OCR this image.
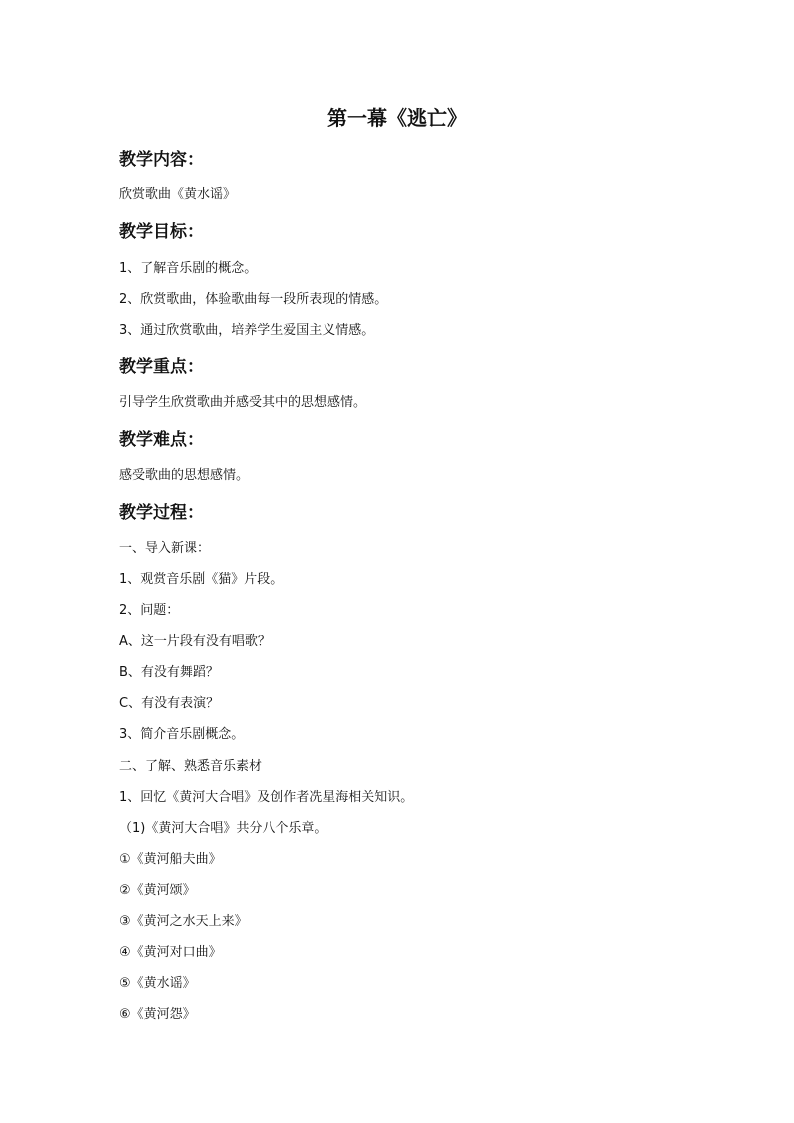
第一幕《逃亡》
教学内容：
欣赏歌曲《黄水谣》
教学目标：
1、了解音乐剧的概念。
2、欣赏歌曲，体验歌曲每一段所表现的情感。
3、通过欣赏歌曲，培养学生爱国主义情感。
教学重点：
引导学生欣赏歌曲并感受其中的思想感情。
教学难点：
感受歌曲的思想感情。
教学过程：
一、导入新课：
1、观赏音乐剧《猫》片段。
2、问题：
A、这一片段有没有唱歌？
B、有没有舞蹈？
C、有没有表演？
3、简介音乐剧概念。
二、了解、熟悉音乐素材
1、回忆《黄河大合唱》及创作者冼星海相关知识。
（1)《黄河大合唱》共分八个乐章。
①《黄河船夫曲》
②《黄河颂》
③《黄河之水天上来》
④《黄河对口曲》
⑤《黄水谣》
⑥《黄河怨》
